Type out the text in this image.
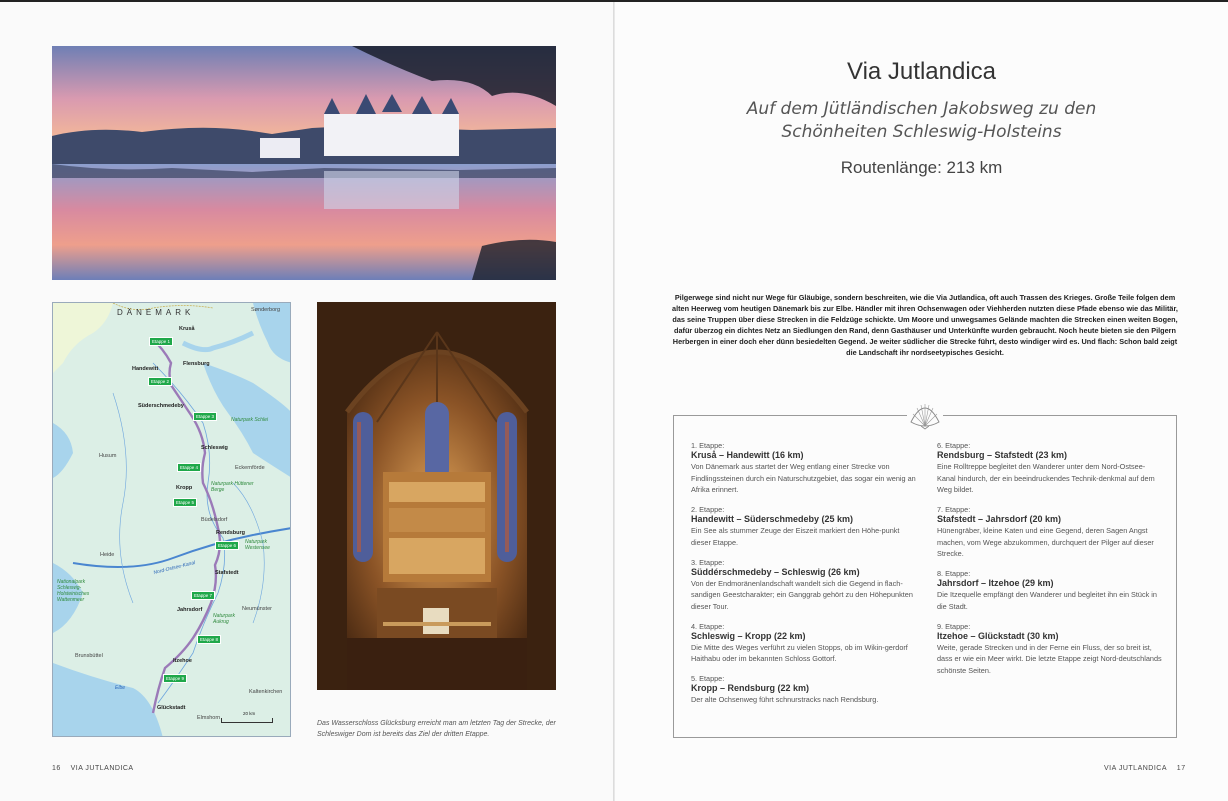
DÄNEMARK	Sønderborg
Kruså
Flensburg
Handewitt
Süderschmedeby
Husum
Schleswig
Eckernförde
Kropp
Büdelsdorf
Rendsburg
Heide
Stafstedt
Jahrsdorf	Neumünster
Brunsbüttel
Itzehoe
Kaltenkirchen
Glückstadt
Elmshorn
Naturpark Schlei
Naturpark Hüttener Berge
Naturpark Westensee
Naturpark Aukrug
Nationalpark Schleswig-Holsteinisches Wattenmeer
Etappe 1
Etappe 2
Etappe 3
Etappe 4
Etappe 5
Etappe 6
Etappe 7
Etappe 8
Etappe 9
Nord-Ostsee-Kanal
Elbe
20 km
Das Wasserschloss Glücksburg erreicht man am letzten Tag der Strecke, der Schleswiger Dom ist bereits das Ziel der dritten Etappe.
16 VIA JUTLANDICA
Via Jutlandica
Auf dem Jütländischen Jakobsweg zu den
Schönheiten Schleswig-Holsteins
Routenlänge: 213 km
Pilgerwege sind nicht nur Wege für Gläubige, sondern beschreiten, wie die Via Jutlandica, oft auch Trassen des Krieges. Große Teile folgen dem alten Heerweg vom heutigen Dänemark bis zur Elbe. Händler mit ihren Ochsenwagen oder Viehherden nutzten diese Pfade ebenso wie das Militär, das seine Truppen über diese Strecken in die Feldzüge schickte. Um Moore und unwegsames Gelände machten die Strecken einen weiten Bogen, dafür überzog ein dichtes Netz an Siedlungen den Rand, denn Gasthäuser und Unterkünfte wurden gebraucht. Noch heute bieten sie den Pilgern Herbergen in einer doch eher dünn besiedelten Gegend. Je weiter südlicher die Strecke führt, desto windiger wird es. Und flach: Schon bald zeigt die Landschaft ihr nordseetypisches Gesicht.
1. Etappe:
Kruså – Handewitt (16 km)
Von Dänemark aus startet der Weg entlang einer Strecke von Findlingssteinen durch ein Naturschutzgebiet, das sogar ein wenig an Afrika erinnert.
2. Etappe:
Handewitt – Süderschmedeby (25 km)
Ein See als stummer Zeuge der Eiszeit markiert den Höhe-punkt dieser Etappe.
3. Etappe:
Süddérschmedeby – Schleswig (26 km)
Von der Endmoränenlandschaft wandelt sich die Gegend in flach-sandigen Geestcharakter; ein Ganggrab gehört zu den Höhepunkten dieser Tour.
4. Etappe:
Schleswig – Kropp (22 km)
Die Mitte des Weges verführt zu vielen Stopps, ob im Wikin-gerdorf Haithabu oder im bekannten Schloss Gottorf.
5. Etappe:
Kropp – Rendsburg (22 km)
Der alte Ochsenweg führt schnurstracks nach Rendsburg.
6. Etappe:
Rendsburg – Stafstedt (23 km)
Eine Rolltreppe begleitet den Wanderer unter dem Nord-Ostsee-Kanal hindurch, der ein beeindruckendes Technik-denkmal auf dem Weg bildet.
7. Etappe:
Stafstedt – Jahrsdorf (20 km)
Hünengräber, kleine Katen und eine Gegend, deren Sagen Angst machen, vom Wege abzukommen, durchquert der Pilger auf dieser Strecke.
8. Etappe:
Jahrsdorf – Itzehoe (29 km)
Die Itzequelle empfängt den Wanderer und begleitet ihn ein Stück in die Stadt.
9. Etappe:
Itzehoe – Glückstadt (30 km)
Weite, gerade Strecken und in der Ferne ein Fluss, der so breit ist, dass er wie ein Meer wirkt. Die letzte Etappe zeigt Nord-deutschlands schönste Seiten.
VIA JUTLANDICA 17
